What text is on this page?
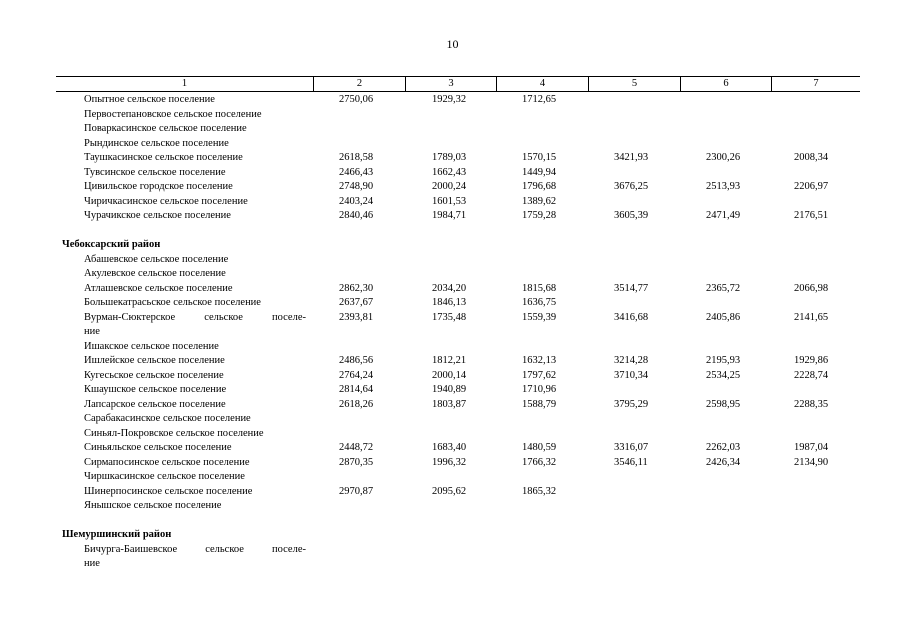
10
1	2	3	4	5	6	7
Опытное сельское поселение	2750,06	1929,32	1712,65
Первостепановское сельское поселение
Поваркасинское сельское поселение
Рындинское сельское поселение
Таушкасинское сельское поселение	2618,58	1789,03	1570,15	3421,93	2300,26	2008,34
Тувсинское сельское поселение	2466,43	1662,43	1449,94
Цивильское городское поселение	2748,90	2000,24	1796,68	3676,25	2513,93	2206,97
Чиричкасинское сельское поселение	2403,24	1601,53	1389,62
Чурачикское сельское поселение	2840,46	1984,71	1759,28	3605,39	2471,49	2176,51
Чебоксарский район
Абашевское сельское поселение
Акулевское сельское поселение
Атлашевское сельское поселение	2862,30	2034,20	1815,68	3514,77	2365,72	2066,98
Большекатрасьское сельское поселение	2637,67	1846,13	1636,75
Вурман-Сюктерское сельское поселе-	2393,81	1735,48	1559,39	3416,68	2405,86	2141,65
ние
Ишакское сельское поселение
Ишлейское сельское поселение	2486,56	1812,21	1632,13	3214,28	2195,93	1929,86
Кугесьское сельское поселение	2764,24	2000,14	1797,62	3710,34	2534,25	2228,74
Кшаушское сельское поселение	2814,64	1940,89	1710,96
Лапсарское сельское поселение	2618,26	1803,87	1588,79	3795,29	2598,95	2288,35
Сарабакасинское сельское поселение
Синьял-Покровское сельское поселение
Синьяльское сельское поселение	2448,72	1683,40	1480,59	3316,07	2262,03	1987,04
Сирмапосинское сельское поселение	2870,35	1996,32	1766,32	3546,11	2426,34	2134,90
Чиршкасинское сельское поселение
Шинерпосинское сельское поселение	2970,87	2095,62	1865,32
Янышское сельское поселение
Шемуршинский район
Бичурга-Баишевское сельское поселе-
ние
